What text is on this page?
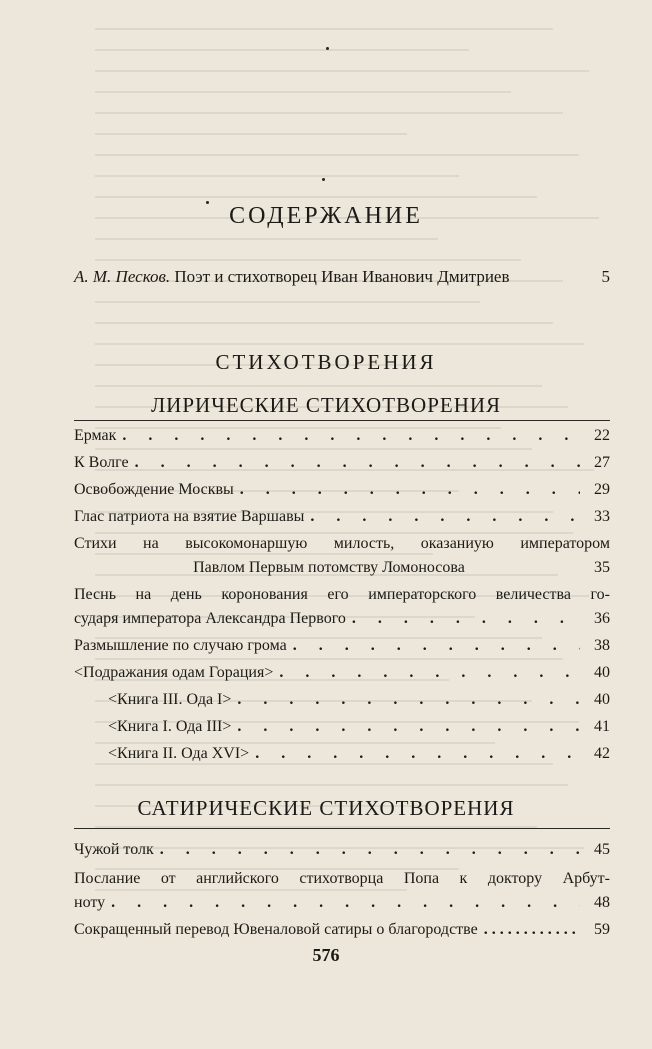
СОДЕРЖАНИЕ
А. М. Песков. Поэт и стихотворец Иван Иванович Дмитриев	5
СТИХОТВОРЕНИЯ
ЛИРИЧЕСКИЕ СТИХОТВОРЕНИЯ
Ермак . . .	22
К Волге . . .	27
Освобождение Москвы . . .	29
Глас патриота на взятие Варшавы . . .	33
Стихи на высокомонаршую милость, оказаниую императором
Павлом Первым потомству Ломоносова	35
Песнь на день коронования его императорского величества го-
сударя императора Александра Первого . . .	36
Размышление по случаю грома . . .	38
<Подражания одам Горация> . . .	40
<Книга III. Ода I> . . .	40
<Книга I. Ода III> . . .	41
<Книга II. Ода XVI> . . .	42
САТИРИЧЕСКИЕ СТИХОТВОРЕНИЯ
Чужой толк . . .	45
Послание от английского стихотворца Попа к доктору Арбут-
ноту . . .	48
Сокращенный перевод Ювеналовой сатиры о благородстве . . .	59
576
